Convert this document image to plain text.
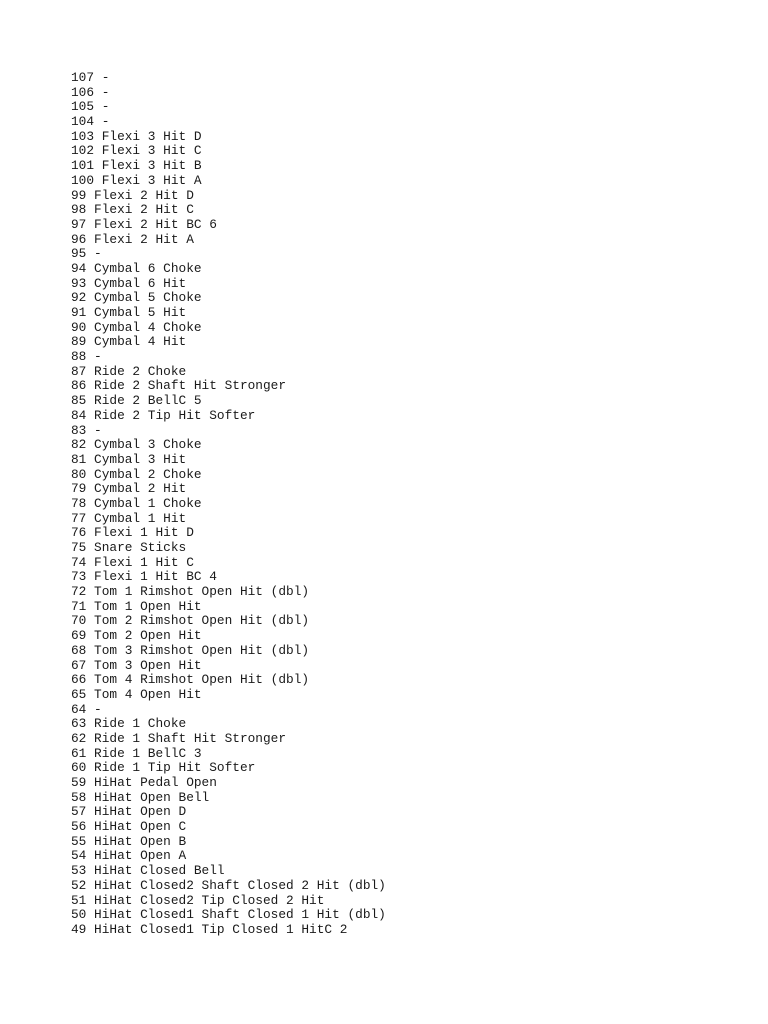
107 -
106 -
105 -
104 -
103 Flexi 3 Hit D
102 Flexi 3 Hit C
101 Flexi 3 Hit B
100 Flexi 3 Hit A
99 Flexi 2 Hit D
98 Flexi 2 Hit C
97 Flexi 2 Hit BC 6
96 Flexi 2 Hit A
95 -
94 Cymbal 6 Choke
93 Cymbal 6 Hit
92 Cymbal 5 Choke
91 Cymbal 5 Hit
90 Cymbal 4 Choke
89 Cymbal 4 Hit
88 -
87 Ride 2 Choke
86 Ride 2 Shaft Hit Stronger
85 Ride 2 BellC 5
84 Ride 2 Tip Hit Softer
83 -
82 Cymbal 3 Choke
81 Cymbal 3 Hit
80 Cymbal 2 Choke
79 Cymbal 2 Hit
78 Cymbal 1 Choke
77 Cymbal 1 Hit
76 Flexi 1 Hit D
75 Snare Sticks
74 Flexi 1 Hit C
73 Flexi 1 Hit BC 4
72 Tom 1 Rimshot Open Hit (dbl)
71 Tom 1 Open Hit
70 Tom 2 Rimshot Open Hit (dbl)
69 Tom 2 Open Hit
68 Tom 3 Rimshot Open Hit (dbl)
67 Tom 3 Open Hit
66 Tom 4 Rimshot Open Hit (dbl)
65 Tom 4 Open Hit
64 -
63 Ride 1 Choke
62 Ride 1 Shaft Hit Stronger
61 Ride 1 BellC 3
60 Ride 1 Tip Hit Softer
59 HiHat Pedal Open
58 HiHat Open Bell
57 HiHat Open D
56 HiHat Open C
55 HiHat Open B
54 HiHat Open A
53 HiHat Closed Bell
52 HiHat Closed2 Shaft Closed 2 Hit (dbl)
51 HiHat Closed2 Tip Closed 2 Hit
50 HiHat Closed1 Shaft Closed 1 Hit (dbl)
49 HiHat Closed1 Tip Closed 1 HitC 2
